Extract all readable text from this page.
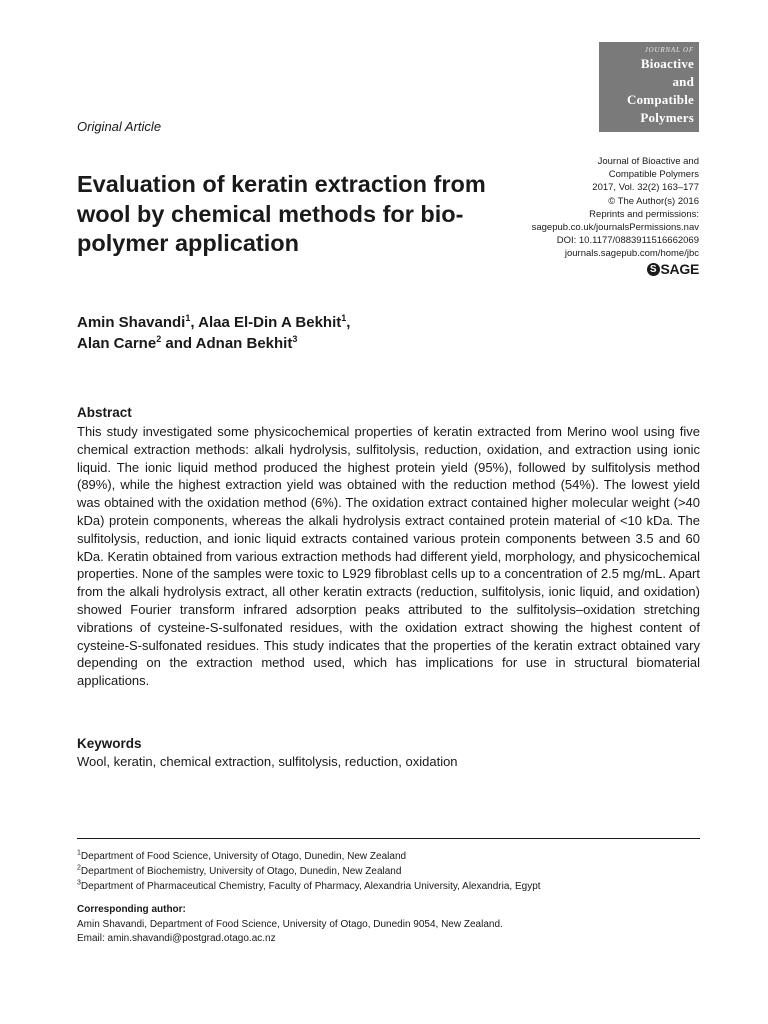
JOURNAL OF
Bioactive
and
Compatible
Polymers
Original Article
Evaluation of keratin extraction from wool by chemical methods for bio-polymer application
Journal of Bioactive and
Compatible Polymers
2017, Vol. 32(2) 163–177
© The Author(s) 2016
Reprints and permissions:
sagepub.co.uk/journalsPermissions.nav
DOI: 10.1177/0883911516662069
journals.sagepub.com/home/jbc
S SAGE
Amin Shavandi$^1$, Alaa El-Din A Bekhit$^1$,
Alan Carne$^2$ and Adnan Bekhit$^3$
Abstract
This study investigated some physicochemical properties of keratin extracted from Merino wool using five chemical extraction methods: alkali hydrolysis, sulfitolysis, reduction, oxidation, and extraction using ionic liquid. The ionic liquid method produced the highest protein yield (95%), followed by sulfitolysis method (89%), while the highest extraction yield was obtained with the reduction method (54%). The lowest yield was obtained with the oxidation method (6%). The oxidation extract contained higher molecular weight (>40 kDa) protein components, whereas the alkali hydrolysis extract contained protein material of <10 kDa. The sulfitolysis, reduction, and ionic liquid extracts contained various protein components between 3.5 and 60 kDa. Keratin obtained from various extraction methods had different yield, morphology, and physicochemical properties. None of the samples were toxic to L929 fibroblast cells up to a concentration of 2.5 mg/mL. Apart from the alkali hydrolysis extract, all other keratin extracts (reduction, sulfitolysis, ionic liquid, and oxidation) showed Fourier transform infrared adsorption peaks attributed to the sulfitolysis–oxidation stretching vibrations of cysteine-S-sulfonated residues, with the oxidation extract showing the highest content of cysteine-S-sulfonated residues. This study indicates that the properties of the keratin extract obtained vary depending on the extraction method used, which has implications for use in structural biomaterial applications.
Keywords
Wool, keratin, chemical extraction, sulfitolysis, reduction, oxidation
$^1$Department of Food Science, University of Otago, Dunedin, New Zealand
$^2$Department of Biochemistry, University of Otago, Dunedin, New Zealand
$^3$Department of Pharmaceutical Chemistry, Faculty of Pharmacy, Alexandria University, Alexandria, Egypt
Corresponding author:
Amin Shavandi, Department of Food Science, University of Otago, Dunedin 9054, New Zealand.
Email: amin.shavandi@postgrad.otago.ac.nz
